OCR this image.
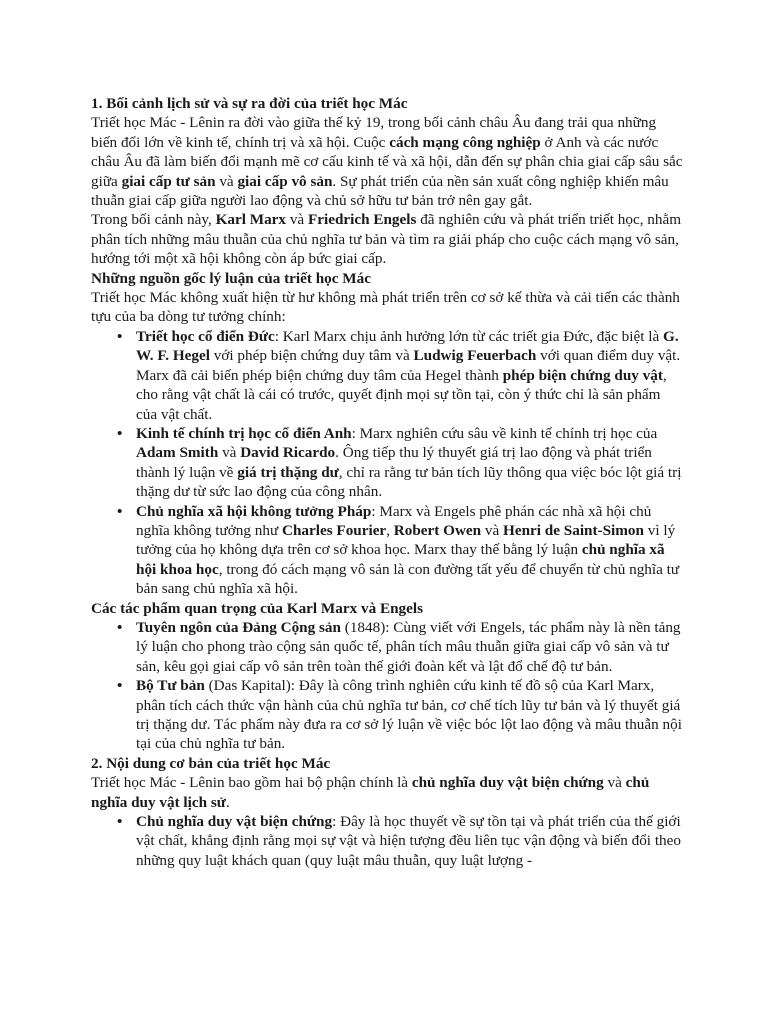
1. Bối cảnh lịch sử và sự ra đời của triết học Mác

Triết học Mác - Lênin ra đời vào giữa thế kỷ 19, trong bối cảnh châu Âu đang trải qua những biến đổi lớn về kinh tế, chính trị và xã hội. Cuộc cách mạng công nghiệp ở Anh và các nước châu Âu đã làm biến đổi mạnh mẽ cơ cấu kinh tế và xã hội, dẫn đến sự phân chia giai cấp sâu sắc giữa giai cấp tư sản và giai cấp vô sản. Sự phát triển của nền sản xuất công nghiệp khiến mâu thuẫn giai cấp giữa người lao động và chủ sở hữu tư bản trở nên gay gắt.

Trong bối cảnh này, Karl Marx và Friedrich Engels đã nghiên cứu và phát triển triết học, nhằm phân tích những mâu thuẫn của chủ nghĩa tư bản và tìm ra giải pháp cho cuộc cách mạng vô sản, hướng tới một xã hội không còn áp bức giai cấp.

Những nguồn gốc lý luận của triết học Mác

Triết học Mác không xuất hiện từ hư không mà phát triển trên cơ sở kế thừa và cải tiến các thành tựu của ba dòng tư tưởng chính:

• Triết học cổ điển Đức: Karl Marx chịu ảnh hưởng lớn từ các triết gia Đức, đặc biệt là G. W. F. Hegel với phép biện chứng duy tâm và Ludwig Feuerbach với quan điểm duy vật. Marx đã cải biến phép biện chứng duy tâm của Hegel thành phép biện chứng duy vật, cho rằng vật chất là cái có trước, quyết định mọi sự tồn tại, còn ý thức chỉ là sản phẩm của vật chất.
• Kinh tế chính trị học cổ điển Anh: Marx nghiên cứu sâu về kinh tế chính trị học của Adam Smith và David Ricardo. Ông tiếp thu lý thuyết giá trị lao động và phát triển thành lý luận về giá trị thặng dư, chỉ ra rằng tư bản tích lũy thông qua việc bóc lột giá trị thặng dư từ sức lao động của công nhân.
• Chủ nghĩa xã hội không tưởng Pháp: Marx và Engels phê phán các nhà xã hội chủ nghĩa không tưởng như Charles Fourier, Robert Owen và Henri de Saint-Simon vì lý tưởng của họ không dựa trên cơ sở khoa học. Marx thay thế bằng lý luận chủ nghĩa xã hội khoa học, trong đó cách mạng vô sản là con đường tất yếu để chuyển từ chủ nghĩa tư bản sang chủ nghĩa xã hội.

Các tác phẩm quan trọng của Karl Marx và Engels

• Tuyên ngôn của Đảng Cộng sản (1848): Cùng viết với Engels, tác phẩm này là nền tảng lý luận cho phong trào cộng sản quốc tế, phân tích mâu thuẫn giữa giai cấp vô sản và tư sản, kêu gọi giai cấp vô sản trên toàn thế giới đoàn kết và lật đổ chế độ tư bản.
• Bộ Tư bản (Das Kapital): Đây là công trình nghiên cứu kinh tế đồ sộ của Karl Marx, phân tích cách thức vận hành của chủ nghĩa tư bản, cơ chế tích lũy tư bản và lý thuyết giá trị thặng dư. Tác phẩm này đưa ra cơ sở lý luận về việc bóc lột lao động và mâu thuẫn nội tại của chủ nghĩa tư bản.

2. Nội dung cơ bản của triết học Mác

Triết học Mác - Lênin bao gồm hai bộ phận chính là chủ nghĩa duy vật biện chứng và chủ nghĩa duy vật lịch sử.

• Chủ nghĩa duy vật biện chứng: Đây là học thuyết về sự tồn tại và phát triển của thế giới vật chất, khẳng định rằng mọi sự vật và hiện tượng đều liên tục vận động và biến đổi theo những quy luật khách quan (quy luật mâu thuẫn, quy luật lượng -
